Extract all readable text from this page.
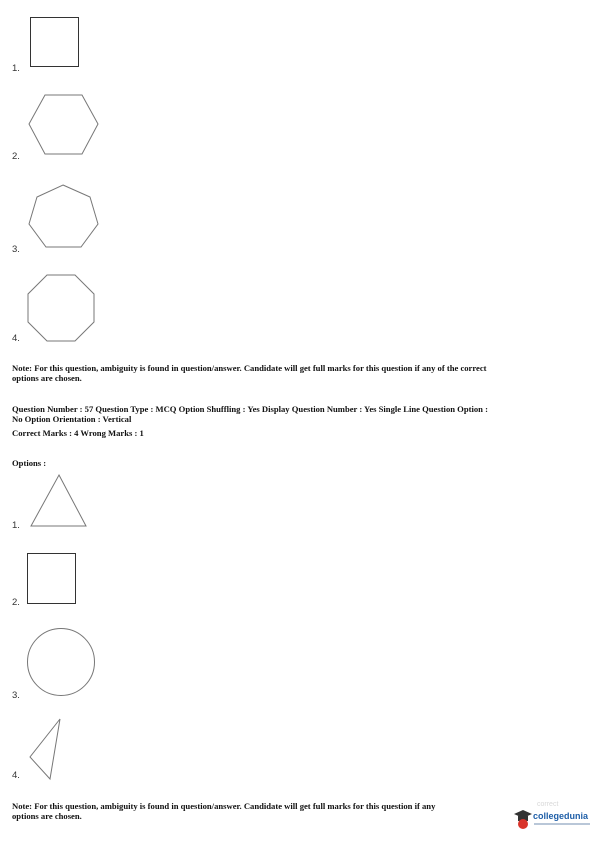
1.
2.
3.
4.
Note: For this question, ambiguity is found in question/answer. Candidate will get full marks for this question if any of the correct
options are chosen.
Question Number : 57 Question Type : MCQ Option Shuffling : Yes Display Question Number : Yes Single Line Question Option :
No Option Orientation : Vertical
Correct Marks : 4 Wrong Marks : 1
Options :
1.
2.
3.
4.
Note: For this question, ambiguity is found in question/answer. Candidate will get full marks for this question if any
options are chosen.
correct
collegedunia
